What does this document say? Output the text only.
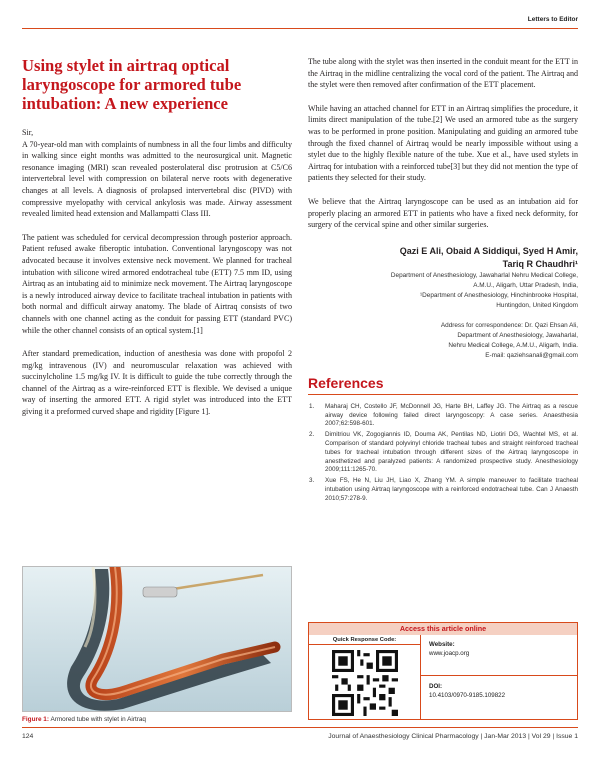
Letters to Editor
Using stylet in airtraq optical laryngoscope for armored tube intubation: A new experience
Sir,

A 70-year-old man with complaints of numbness in all the four limbs and difficulty in walking since eight months was admitted to the neurosurgical unit. Magnetic resonance imaging (MRI) scan revealed posterolateral disc protrusion at C5/C6 intervertebral level with compression on bilateral nerve roots with degenerative changes at all levels. A diagnosis of prolapsed intervertebral disc (PIVD) with compressive myelopathy with cervical ankylosis was made. Airway assessment revealed limited head extension and Mallampatti Class III.

The patient was scheduled for cervical decompression through posterior approach. Patient refused awake fiberoptic intubation. Conventional laryngoscopy was not advocated because it involves extensive neck movement. We planned for tracheal intubation with silicone wired armored endotracheal tube (ETT) 7.5 mm ID, using Airtraq as an intubating aid to minimize neck movement. The Airtraq laryngoscope is a newly introduced airway device to facilitate tracheal intubation in patients with both normal and difficult airway anatomy. The blade of Airtraq consists of two channels with one channel acting as the conduit for passing ETT (standard PVC) while the other channel consists of an optical system.[1]

After standard premedication, induction of anesthesia was done with propofol 2 mg/kg intravenous (IV) and neuromuscular relaxation was achieved with succinylcholine 1.5 mg/kg IV. It is difficult to guide the tube correctly through the channel of the Airtraq as a wire-reinforced ETT is flexible. We devised a unique way of inserting the armored ETT. A rigid stylet was introduced into the ETT giving it a preformed curved shape and rigidity [Figure 1].

Figure 1: Armored tube with stylet in Airtraq

The tube along with the stylet was then inserted in the conduit meant for the ETT in the Airtraq in the midline centralizing the vocal cord of the patient. The Airtraq and the stylet were then removed after confirmation of the ETT placement.

While having an attached channel for ETT in an Airtraq simplifies the procedure, it limits direct manipulation of the tube.[2] We used an armored tube as the surgery was to be performed in prone position. Manipulating and guiding an armored tube through the fixed channel of Airtraq would be nearly impossible without using a stylet due to the highly flexible nature of the tube. Xue et al., have used stylets in Airtraq for intubation with a reinforced tube[3] but they did not mention the type of patients they selected for their study.

We believe that the Airtraq laryngoscope can be used as an intubation aid for properly placing an armored ETT in patients who have a fixed neck deformity, for surgery of the cervical spine and other similar surgeries.

Qazi E Ali, Obaid A Siddiqui, Syed H Amir,
Tariq R Chaudhri¹
Department of Anesthesiology, Jawaharlal Nehru Medical College,
A.M.U., Aligarh, Uttar Pradesh, India,
¹Department of Anesthesiology, Hinchinbrooke Hospital,
Huntingdon, United Kingdom
Address for correspondence: Dr. Qazi Ehsan Ali,
Department of Anesthesiology, Jawaharlal,
Nehru Medical College, A.M.U., Aligarh, India.
E-mail: qaziehsanali@gmail.com
References
1. Maharaj CH, Costello JF, McDonnell JG, Harte BH, Laffey JG. The Airtraq as a rescue airway device following failed direct laryngoscopy: A case series. Anaesthesia 2007;62:598-601.
2. Dimitriou VK, Zogogiannis ID, Douma AK, Pentilas ND, Liotiri DG, Wachtel MS, et al. Comparison of standard polyvinyl chloride tracheal tubes and straight reinforced tracheal tubes for tracheal intubation through different sizes of the Airtraq laryngoscope in anesthetized and paralyzed patients: A randomized prospective study. Anesthesiology 2009;111:1265-70.
3. Xue FS, He N, Liu JH, Liao X, Zhang YM. A simple maneuver to facilitate tracheal intubation using Airtraq laryngoscope with a reinforced endotracheal tube. Can J Anaesth 2010;57:278-9.
Access this article online
Quick Response Code:
Website:
www.joacp.org
DOI:
10.4103/0970-9185.109822
124	Journal of Anaesthesiology Clinical Pharmacology | Jan-Mar 2013 | Vol 29 | Issue 1
